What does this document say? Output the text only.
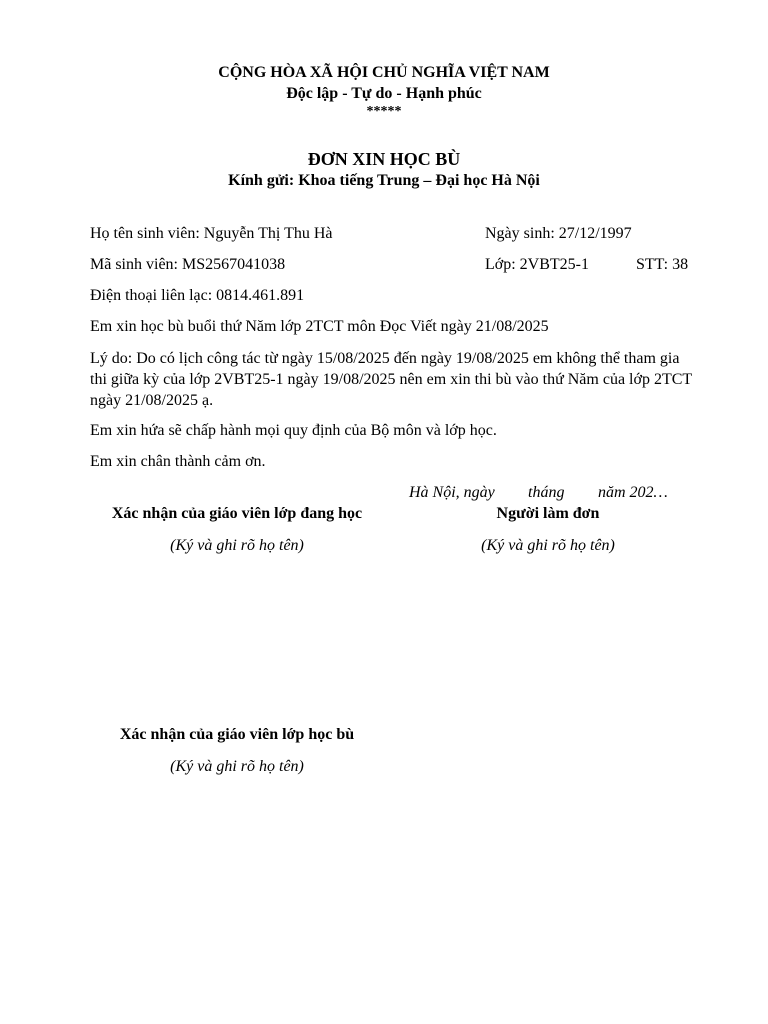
CỘNG HÒA XÃ HỘI CHỦ NGHĨA VIỆT NAM
Độc lập - Tự do - Hạnh phúc
*****
ĐƠN XIN HỌC BÙ
Kính gửi: Khoa tiếng Trung – Đại học Hà Nội
Họ tên sinh viên: Nguyễn Thị Thu Hà	Ngày sinh: 27/12/1997
Mã sinh viên: MS2567041038	Lớp: 2VBT25-1	STT: 38
Điện thoại liên lạc: 0814.461.891
Em xin học bù buổi thứ Năm lớp 2TCT môn Đọc Viết ngày 21/08/2025
Lý do: Do có lịch công tác từ ngày 15/08/2025 đến ngày 19/08/2025 em không thể tham gia thi giữa kỳ của lớp 2VBT25-1 ngày 19/08/2025 nên em xin thi bù vào thứ Năm của lớp 2TCT ngày 21/08/2025 ạ.
Em xin hứa sẽ chấp hành mọi quy định của Bộ môn và lớp học.
Em xin chân thành cảm ơn.
Hà Nội, ngày tháng năm 202…
Xác nhận của giáo viên lớp đang học
(Ký và ghi rõ họ tên)
Người làm đơn
(Ký và ghi rõ họ tên)
Xác nhận của giáo viên lớp học bù
(Ký và ghi rõ họ tên)
